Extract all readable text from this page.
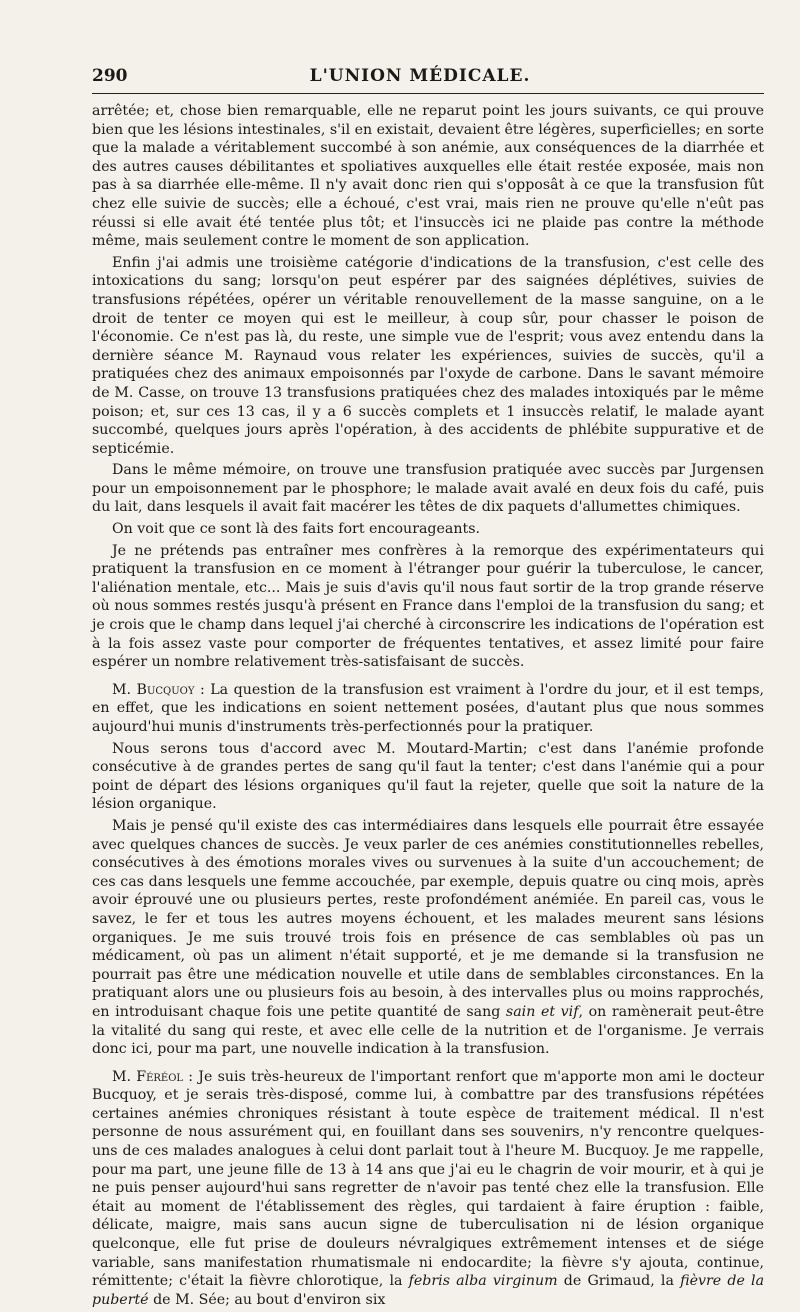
290	L'UNION MÉDICALE.

arrêtée; et, chose bien remarquable, elle ne reparut point les jours suivants, ce qui prouve bien que les lésions intestinales, s'il en existait, devaient être légères, superficielles; en sorte que la malade a véritablement succombé à son anémie, aux conséquences de la diarrhée et des autres causes débilitantes et spoliatives auxquelles elle était restée exposée, mais non pas à sa diarrhée elle-même. Il n'y avait donc rien qui s'opposât à ce que la transfusion fût chez elle suivie de succès; elle a échoué, c'est vrai, mais rien ne prouve qu'elle n'eût pas réussi si elle avait été tentée plus tôt; et l'insuccès ici ne plaide pas contre la méthode même, mais seulement contre le moment de son application.

Enfin j'ai admis une troisième catégorie d'indications de la transfusion, c'est celle des intoxications du sang; lorsqu'on peut espérer par des saignées déplétives, suivies de transfusions répétées, opérer un véritable renouvellement de la masse sanguine, on a le droit de tenter ce moyen qui est le meilleur, à coup sûr, pour chasser le poison de l'économie. Ce n'est pas là, du reste, une simple vue de l'esprit; vous avez entendu dans la dernière séance M. Raynaud vous relater les expériences, suivies de succès, qu'il a pratiquées chez des animaux empoisonnés par l'oxyde de carbone. Dans le savant mémoire de M. Casse, on trouve 13 transfusions pratiquées chez des malades intoxiqués par le même poison; et, sur ces 13 cas, il y a 6 succès complets et 1 insuccès relatif, le malade ayant succombé, quelques jours après l'opération, à des accidents de phlébite suppurative et de septicémie.

Dans le même mémoire, on trouve une transfusion pratiquée avec succès par Jurgensen pour un empoisonnement par le phosphore; le malade avait avalé en deux fois du café, puis du lait, dans lesquels il avait fait macérer les têtes de dix paquets d'allumettes chimiques.

On voit que ce sont là des faits fort encourageants.

Je ne prétends pas entraîner mes confrères à la remorque des expérimentateurs qui pratiquent la transfusion en ce moment à l'étranger pour guérir la tuberculose, le cancer, l'aliénation mentale, etc... Mais je suis d'avis qu'il nous faut sortir de la trop grande réserve où nous sommes restés jusqu'à présent en France dans l'emploi de la transfusion du sang; et je crois que le champ dans lequel j'ai cherché à circonscrire les indications de l'opération est à la fois assez vaste pour comporter de fréquentes tentatives, et assez limité pour faire espérer un nombre relativement très-satisfaisant de succès.

M. Bucquoy : La question de la transfusion est vraiment à l'ordre du jour, et il est temps, en effet, que les indications en soient nettement posées, d'autant plus que nous sommes aujourd'hui munis d'instruments très-perfectionnés pour la pratiquer.

Nous serons tous d'accord avec M. Moutard-Martin; c'est dans l'anémie profonde consécutive à de grandes pertes de sang qu'il faut la tenter; c'est dans l'anémie qui a pour point de départ des lésions organiques qu'il faut la rejeter, quelle que soit la nature de la lésion organique.

Mais je pensé qu'il existe des cas intermédiaires dans lesquels elle pourrait être essayée avec quelques chances de succès. Je veux parler de ces anémies constitutionnelles rebelles, consécutives à des émotions morales vives ou survenues à la suite d'un accouchement; de ces cas dans lesquels une femme accouchée, par exemple, depuis quatre ou cinq mois, après avoir éprouvé une ou plusieurs pertes, reste profondément anémiée. En pareil cas, vous le savez, le fer et tous les autres moyens échouent, et les malades meurent sans lésions organiques. Je me suis trouvé trois fois en présence de cas semblables où pas un médicament, où pas un aliment n'était supporté, et je me demande si la transfusion ne pourrait pas être une médication nouvelle et utile dans de semblables circonstances. En la pratiquant alors une ou plusieurs fois au besoin, à des intervalles plus ou moins rapprochés, en introduisant chaque fois une petite quantité de sang sain et vif, on ramènerait peut-être la vitalité du sang qui reste, et avec elle celle de la nutrition et de l'organisme. Je verrais donc ici, pour ma part, une nouvelle indication à la transfusion.

M. Féréol : Je suis très-heureux de l'important renfort que m'apporte mon ami le docteur Bucquoy, et je serais très-disposé, comme lui, à combattre par des transfusions répétées certaines anémies chroniques résistant à toute espèce de traitement médical. Il n'est personne de nous assurément qui, en fouillant dans ses souvenirs, n'y rencontre quelques-uns de ces malades analogues à celui dont parlait tout à l'heure M. Bucquoy. Je me rappelle, pour ma part, une jeune fille de 13 à 14 ans que j'ai eu le chagrin de voir mourir, et à qui je ne puis penser aujourd'hui sans regretter de n'avoir pas tenté chez elle la transfusion. Elle était au moment de l'établissement des règles, qui tardaient à faire éruption : faible, délicate, maigre, mais sans aucun signe de tuberculisation ni de lésion organique quelconque, elle fut prise de douleurs névralgiques extrêmement intenses et de siége variable, sans manifestation rhumatismale ni endocardite; la fièvre s'y ajouta, continue, rémittente; c'était la fièvre chlorotique, la febris alba virginum de Grimaud, la fièvre de la puberté de M. Sée; au bout d'environ six
